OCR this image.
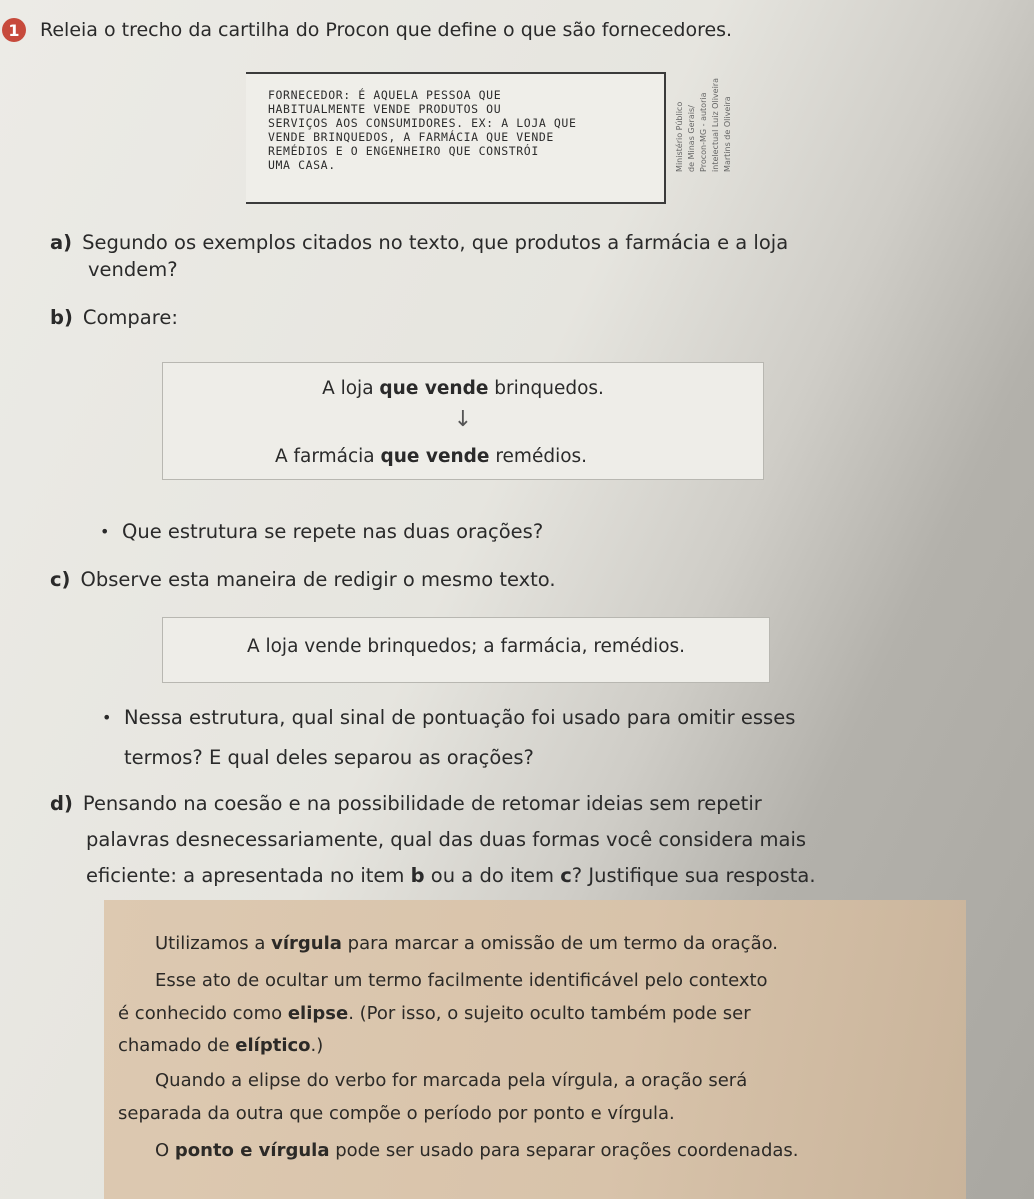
1	Releia o trecho da cartilha do Procon que define o que são fornecedores.
FORNECEDOR: É AQUELA PESSOA QUE
HABITUALMENTE VENDE PRODUTOS OU
SERVIÇOS AOS CONSUMIDORES. EX: A LOJA QUE
VENDE BRINQUEDOS, A FARMÁCIA QUE VENDE
REMÉDIOS E O ENGENHEIRO QUE CONSTRÓI
UMA CASA.	Ministério Público de Minas Gerais/ Procon-MG - autoria intelectual Luiz Oliveira Martins de Oliveira
a) Segundo os exemplos citados no texto, que produtos a farmácia e a loja
vendem?
b) Compare:
A loja que vende brinquedos.
↓
A farmácia que vende remédios.
• Que estrutura se repete nas duas orações?
c) Observe esta maneira de redigir o mesmo texto.
A loja vende brinquedos; a farmácia, remédios.
• Nessa estrutura, qual sinal de pontuação foi usado para omitir esses
termos? E qual deles separou as orações?
d) Pensando na coesão e na possibilidade de retomar ideias sem repetir
palavras desnecessariamente, qual das duas formas você considera mais
eficiente: a apresentada no item b ou a do item c? Justifique sua resposta.
Utilizamos a vírgula para marcar a omissão de um termo da oração.
Esse ato de ocultar um termo facilmente identificável pelo contexto
é conhecido como elipse. (Por isso, o sujeito oculto também pode ser
chamado de elíptico.)
Quando a elipse do verbo for marcada pela vírgula, a oração será
separada da outra que compõe o período por ponto e vírgula.
O ponto e vírgula pode ser usado para separar orações coordenadas.
